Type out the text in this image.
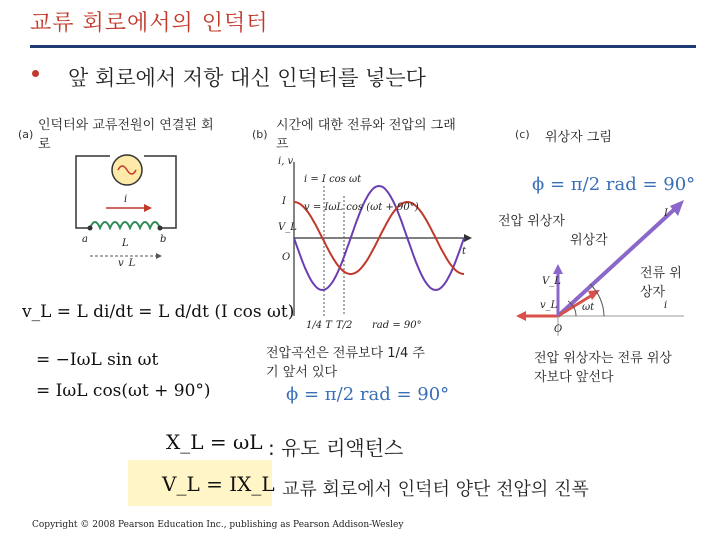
교류 회로에서의 인덕터
앞 회로에서 저항 대신 인덕터를 넣는다
(a)
인덕터와 교류전원이 연결된 회로
i
a	b
L
v_L
(b)
시간에 대한 전류와 전압의 그래프
i, v
i = I cos ωt
v = IωL cos (ωt + 90°)
V_L
I
O
t
1/4 T T/2 rad = 90°
(c) 위상자 그림
ϕ = π/2 rad = 90°
I
V_L
v_L	i
ωt
O
전압 위상자
위상각
전류 위상자
v_L = L di/dt = L d/dt (I cos ωt)
= −IωL sin ωt
= IωL cos(ωt + 90°)
전압곡선은 전류보다 1/4 주기 앞서 있다
ϕ = π/2 rad = 90°
전압 위상자는 전류 위상자보다 앞선다
X_L = ωL : 유도 리액턴스
V_L = IX_L 교류 회로에서 인덕터 양단 전압의 진폭
Copyright © 2008 Pearson Education Inc., publishing as Pearson Addison-Wesley
